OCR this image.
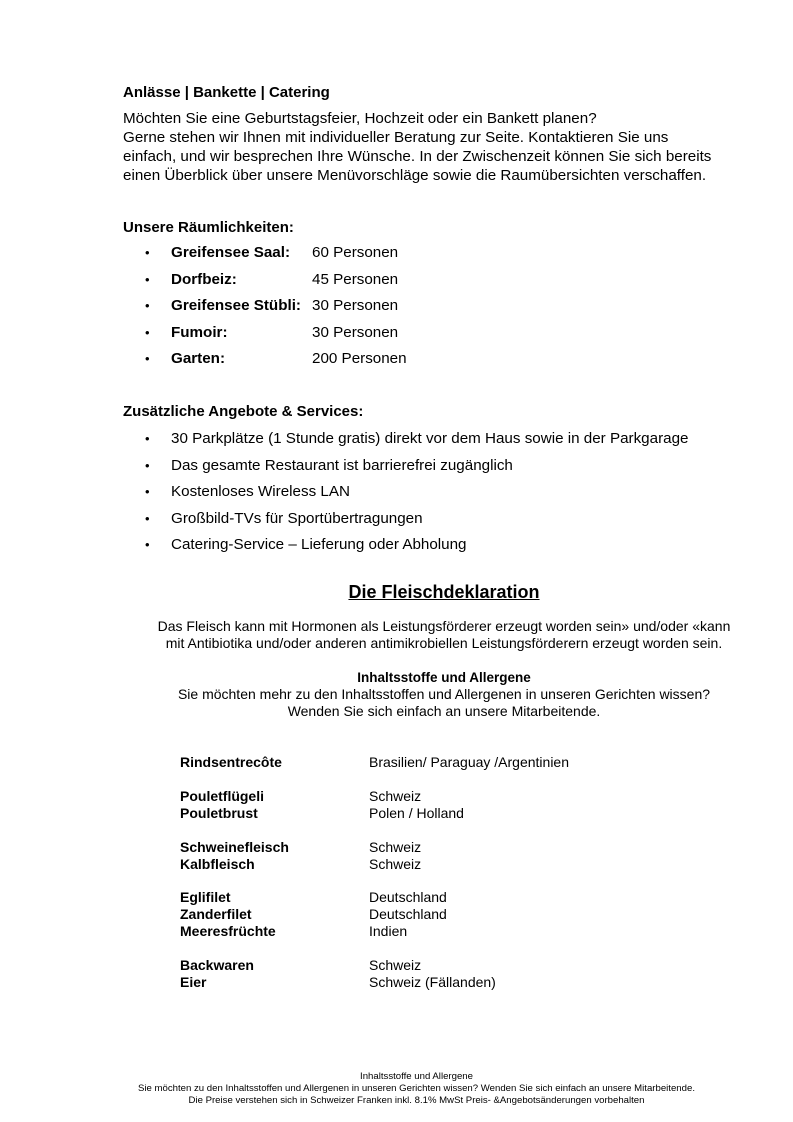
Anlässe | Bankette | Catering
Möchten Sie eine Geburtstagsfeier, Hochzeit oder ein Bankett planen?
Gerne stehen wir Ihnen mit individueller Beratung zur Seite. Kontaktieren Sie uns
einfach, und wir besprechen Ihre Wünsche. In der Zwischenzeit können Sie sich bereits
einen Überblick über unsere Menüvorschläge sowie die Raumübersichten verschaffen.
Unsere Räumlichkeiten:
• Greifensee Saal: 60 Personen
• Dorfbeiz:	45 Personen
• Greifensee Stübli: 30 Personen
• Fumoir:	30 Personen
• Garten:	200 Personen
Zusätzliche Angebote & Services:
• 30 Parkplätze (1 Stunde gratis) direkt vor dem Haus sowie in der Parkgarage
• Das gesamte Restaurant ist barrierefrei zugänglich
• Kostenloses Wireless LAN
• Großbild-TVs für Sportübertragungen
• Catering-Service – Lieferung oder Abholung
Die Fleischdeklaration
Das Fleisch kann mit Hormonen als Leistungsförderer erzeugt worden sein» und/oder «kann
mit Antibiotika und/oder anderen antimikrobiellen Leistungsförderern erzeugt worden sein.
Inhaltsstoffe und Allergene
Sie möchten mehr zu den Inhaltsstoffen und Allergenen in unseren Gerichten wissen?
Wenden Sie sich einfach an unsere Mitarbeitende.
Rindsentrecôte	Brasilien/ Paraguay /Argentinien
Pouletflügeli	Schweiz
Pouletbrust	Polen / Holland
Schweinefleisch	Schweiz
Kalbfleisch	Schweiz
Eglifilet	Deutschland
Zanderfilet	Deutschland
Meeresfrüchte	Indien
Backwaren	Schweiz
Eier	Schweiz (Fällanden)
Inhaltsstoffe und Allergene
Sie möchten zu den Inhaltsstoffen und Allergenen in unseren Gerichten wissen? Wenden Sie sich einfach an unsere Mitarbeitende.
Die Preise verstehen sich in Schweizer Franken inkl. 8.1% MwSt Preis- &Angebotsänderungen vorbehalten
